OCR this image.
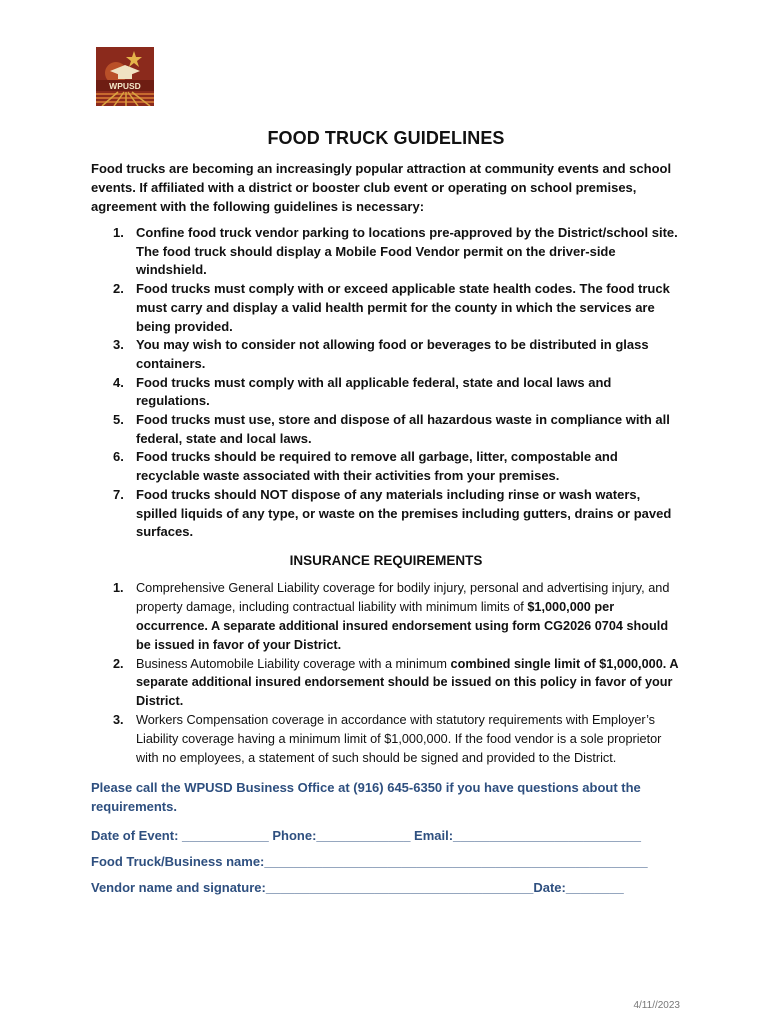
WPUSD
FOOD TRUCK GUIDELINES

Food trucks are becoming an increasingly popular attraction at community events and school events. If affiliated with a district or booster club event or operating on school premises, agreement with the following guidelines is necessary:

1. Confine food truck vendor parking to locations pre-approved by the District/school site. The food truck should display a Mobile Food Vendor permit on the driver-side windshield.
2. Food trucks must comply with or exceed applicable state health codes. The food truck must carry and display a valid health permit for the county in which the services are being provided.
3. You may wish to consider not allowing food or beverages to be distributed in glass containers.
4. Food trucks must comply with all applicable federal, state and local laws and regulations.
5. Food trucks must use, store and dispose of all hazardous waste in compliance with all federal, state and local laws.
6. Food trucks should be required to remove all garbage, litter, compostable and recyclable waste associated with their activities from your premises.
7. Food trucks should NOT dispose of any materials including rinse or wash waters, spilled liquids of any type, or waste on the premises including gutters, drains or paved surfaces.
INSURANCE REQUIREMENTS
1. Comprehensive General Liability coverage for bodily injury, personal and advertising injury, and property damage, including contractual liability with minimum limits of $1,000,000 per occurrence. A separate additional insured endorsement using form CG2026 0704 should be issued in favor of your District.
2. Business Automobile Liability coverage with a minimum combined single limit of $1,000,000. A separate additional insured endorsement should be issued on this policy in favor of your District.
3. Workers Compensation coverage in accordance with statutory requirements with Employer’s Liability coverage having a minimum limit of $1,000,000. If the food vendor is a sole proprietor with no employees, a statement of such should be signed and provided to the District.

Please call the WPUSD Business Office at (916) 645-6350 if you have questions about the requirements.

Date of Event: ____________ Phone:_____________ Email:__________________________

Food Truck/Business name:_____________________________________________________

Vendor name and signature:_____________________________________Date:________

4/11//2023
